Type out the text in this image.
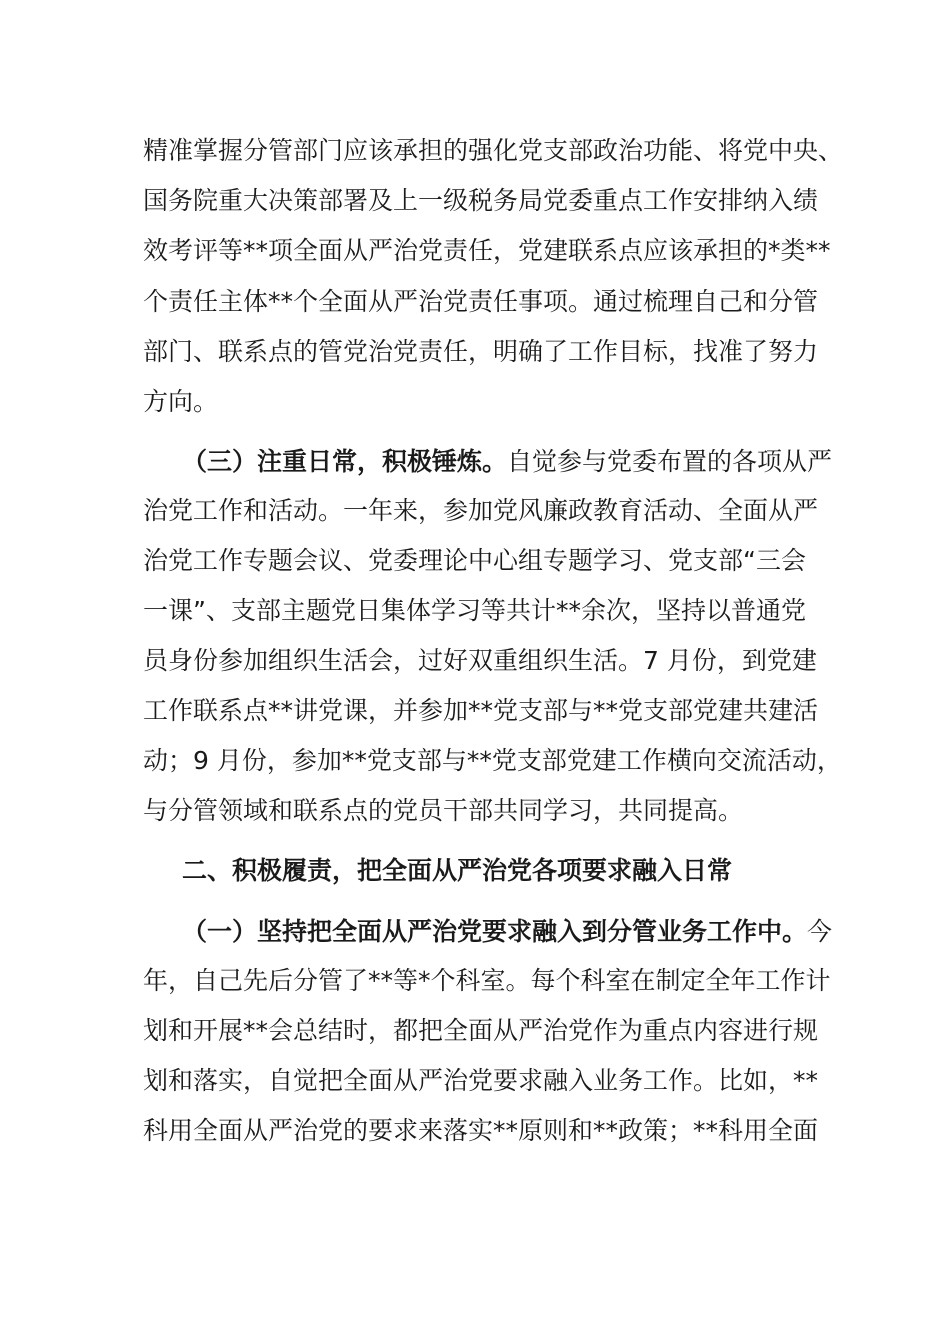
精准掌握分管部门应该承担的强化党支部政治功能、将党中央、
国务院重大决策部署及上一级税务局党委重点工作安排纳入绩
效考评等**项全面从严治党责任，党建联系点应该承担的*类**
个责任主体**个全面从严治党责任事项。通过梳理自己和分管
部门、联系点的管党治党责任，明确了工作目标，找准了努力
方向。
（三）注重日常，积极锤炼。自觉参与党委布置的各项从严
治党工作和活动。一年来，参加党风廉政教育活动、全面从严
治党工作专题会议、党委理论中心组专题学习、党支部“三会
一课”、支部主题党日集体学习等共计**余次，坚持以普通党
员身份参加组织生活会，过好双重组织生活。7 月份，到党建
工作联系点**讲党课，并参加**党支部与**党支部党建共建活
动；9 月份，参加**党支部与**党支部党建工作横向交流活动，
与分管领域和联系点的党员干部共同学习，共同提高。
二、积极履责，把全面从严治党各项要求融入日常
（一）坚持把全面从严治党要求融入到分管业务工作中。今
年，自己先后分管了**等*个科室。每个科室在制定全年工作计
划和开展**会总结时，都把全面从严治党作为重点内容进行规
划和落实，自觉把全面从严治党要求融入业务工作。比如，**
科用全面从严治党的要求来落实**原则和**政策；**科用全面
